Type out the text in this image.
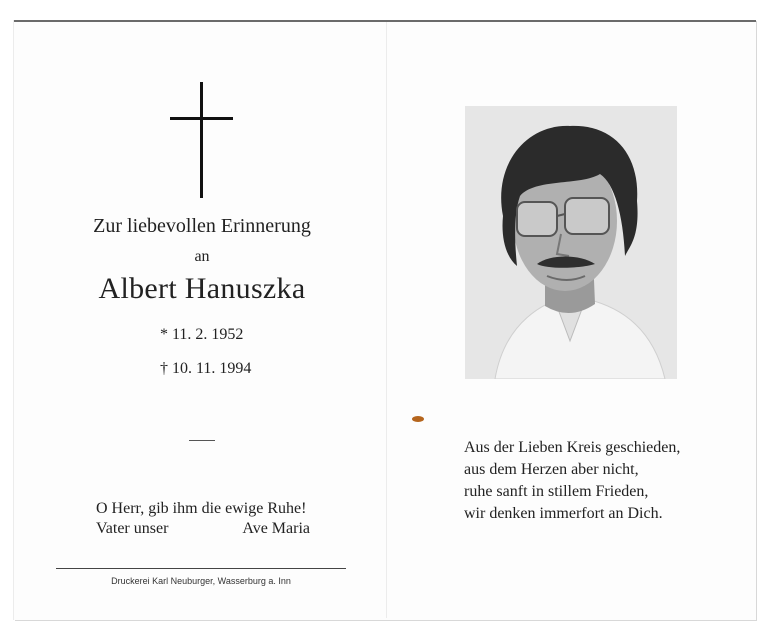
Zur liebevollen Erinnerung
an
Albert Hanuszka
* 11. 2. 1952
† 10. 11. 1994
O Herr, gib ihm die ewige Ruhe!
Vater unser	Ave Maria
Druckerei Karl Neuburger, Wasserburg a. Inn
Aus der Lieben Kreis geschieden,
aus dem Herzen aber nicht,
ruhe sanft in stillem Frieden,
wir denken immerfort an Dich.
